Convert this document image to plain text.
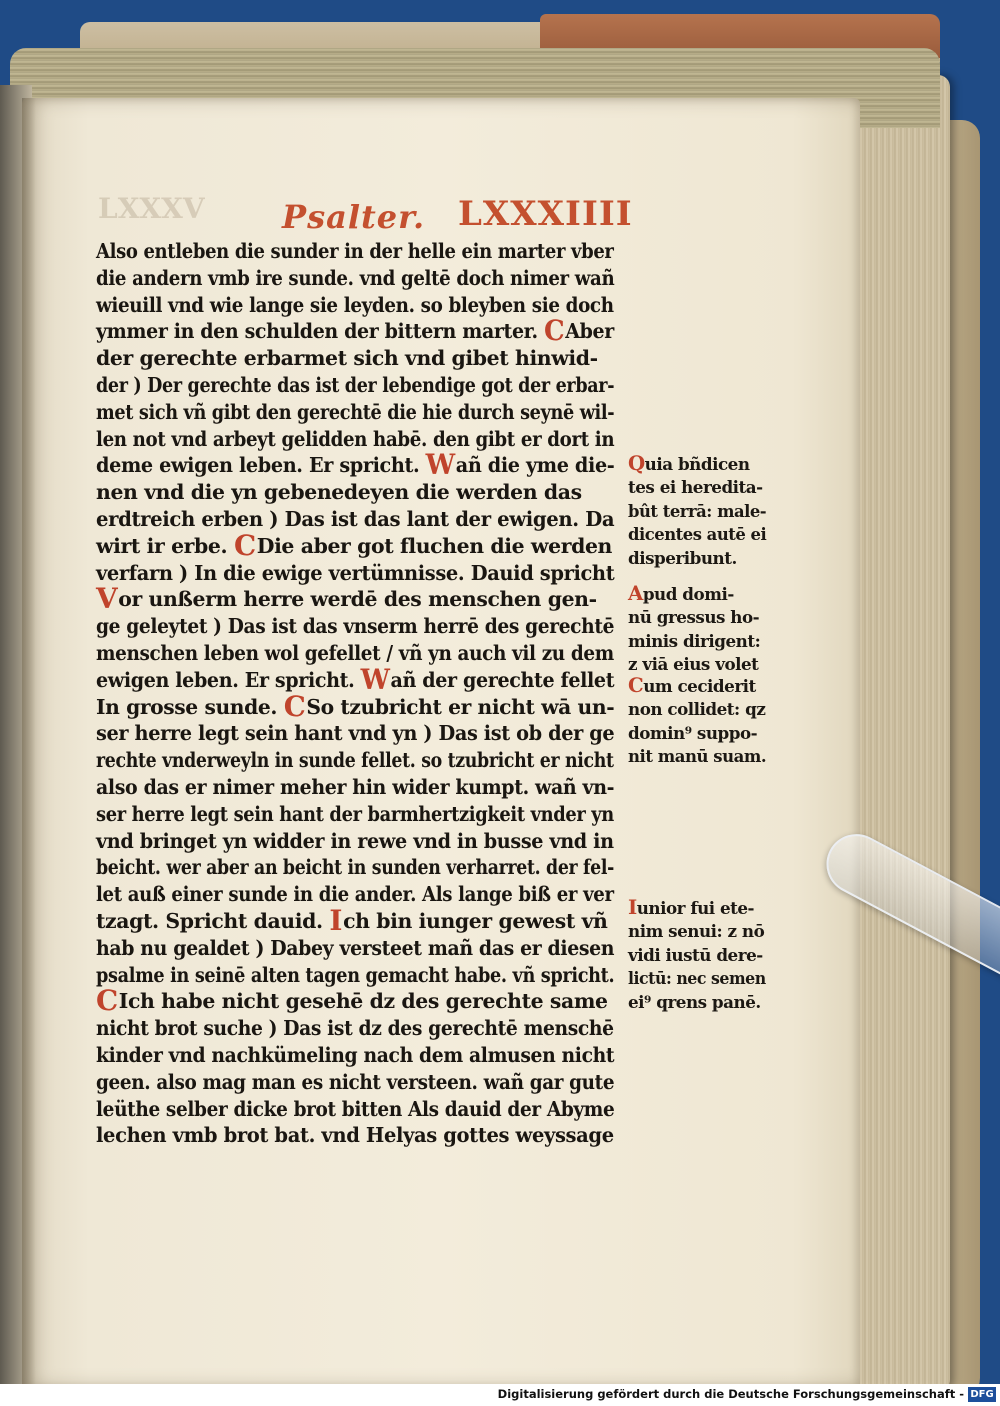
LXXXV Psalter. LXXXIIII
Also entleben die sunder in der helle ein marter vber
die andern vmb ire sunde. vnd geltē doch nimer wañ
wieuill vnd wie lange sie leyden. so bleyben sie doch
ymmer in den schulden der bittern marter. CAber
der gerechte erbarmet sich vnd gibet hinwid-
der ) Der gerechte das ist der lebendige got der erbar-
met sich vñ gibt den gerechtē die hie durch seynē wil-
len not vnd arbeyt gelidden habē. den gibt er dort in
deme ewigen leben. Er spricht. Wañ die yme die-
nen vnd die yn gebenedeyen die werden das
erdtreich erben ) Das ist das lant der ewigen. Da
wirt ir erbe. CDie aber got fluchen die werden
verfarn ) In die ewige vertümnisse. Dauid spricht
Vor unßerm herre werdē des menschen gen-
ge geleytet ) Das ist das vnserm herrē des gerechtē
menschen leben wol gefellet / vñ yn auch vil zu dem
ewigen leben. Er spricht. Wañ der gerechte fellet
In grosse sunde. CSo tzubricht er nicht wā un-
ser herre legt sein hant vnd yn ) Das ist ob der ge
rechte vnderweyln in sunde fellet. so tzubricht er nicht
also das er nimer meher hin wider kumpt. wañ vn-
ser herre legt sein hant der barmhertzigkeit vnder yn
vnd bringet yn widder in rewe vnd in busse vnd in
beicht. wer aber an beicht in sunden verharret. der fel-
let auß einer sunde in die ander. Als lange biß er ver
tzagt. Spricht dauid. Ich bin iunger gewest vñ
hab nu gealdet ) Dabey versteet mañ das er diesen
psalme in seinē alten tagen gemacht habe. vñ spricht.
CIch habe nicht gesehē dz des gerechte same
nicht brot suche ) Das ist dz des gerechtē menschē
kinder vnd nachkümeling nach dem almusen nicht
geen. also mag man es nicht versteen. wañ gar gute
leüthe selber dicke brot bitten Als dauid der Abyme
lechen vmb brot bat. vnd Helyas gottes weyssage
Quia bñdicen
tes ei heredita-
bût terrā: male-
dicentes autē ei
disperibunt.
Apud domi-
nū gressus ho-
minis dirigent:
z viā eius volet
Cum ceciderit
non collidet: qz
domin⁹ suppo-
nit manū suam.
Iunior fui ete-
nim senui: z nō
vidi iustū dere-
lictū: nec semen
ei⁹ qrens panē.
Digitalisierung gefördert durch die Deutsche Forschungsgemeinschaft - DFG
